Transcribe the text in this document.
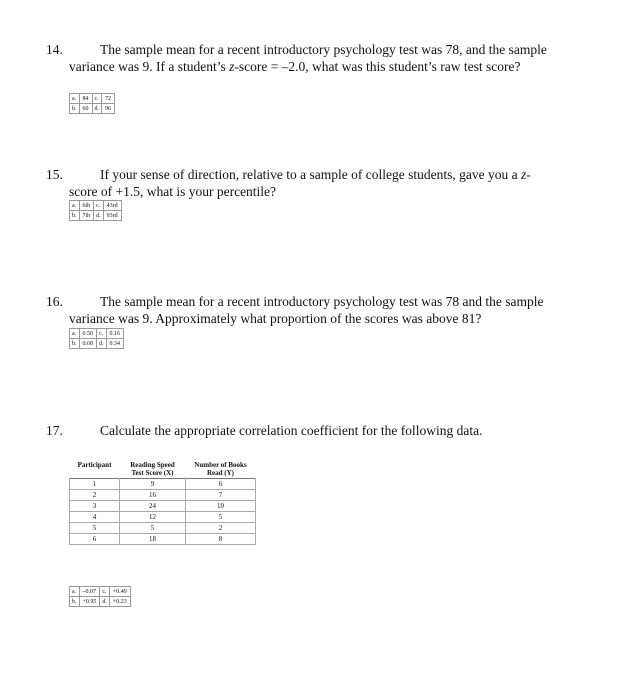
14.	The sample mean for a recent introductory psychology test was 78, and the sample variance was 9. If a student’s z-score = –2.0, what was this student’s raw test score?
a.	84	c.	72
b.	60	d.	96
15.	If your sense of direction, relative to a sample of college students, gave you a z-score of +1.5, what is your percentile?
a.	6th	c.	43rd
b.	7th	d.	93rd
16.	The sample mean for a recent introductory psychology test was 78 and the sample variance was 9. Approximately what proportion of the scores was above 81?
a.	0.50	c.	0.16
b.	0.68	d.	0.34
17.	Calculate the appropriate correlation coefficient for the following data.
Participant	Reading Speed Test Score (X)	Number of Books Read (Y)
1	9	6
2	16	7
3	24	10
4	12	5
5	5	2
6	18	8
a.	–0.07	c.	+0.49
b.	+0.95	d.	+0.23
